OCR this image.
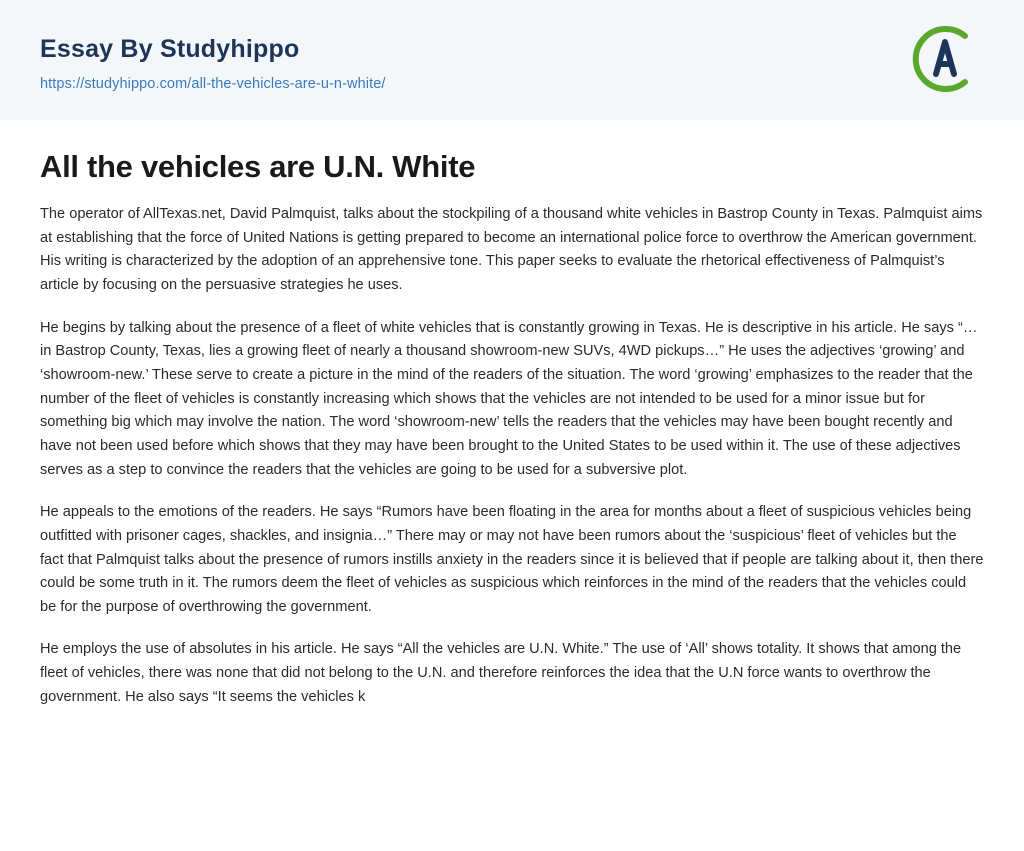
Essay By Studyhippo
https://studyhippo.com/all-the-vehicles-are-u-n-white/
All the vehicles are U.N. White

The operator of AllTexas.net, David Palmquist, talks about the stockpiling of a thousand white vehicles in Bastrop County in Texas. Palmquist aims at establishing that the force of United Nations is getting prepared to become an international police force to overthrow the American government. His writing is characterized by the adoption of an apprehensive tone. This paper seeks to evaluate the rhetorical effectiveness of Palmquist’s article by focusing on the persuasive strategies he uses.

He begins by talking about the presence of a fleet of white vehicles that is constantly growing in Texas. He is descriptive in his article. He says “…in Bastrop County, Texas, lies a growing fleet of nearly a thousand showroom-new SUVs, 4WD pickups…” He uses the adjectives ‘growing’ and ‘showroom-new.’ These serve to create a picture in the mind of the readers of the situation. The word ‘growing’ emphasizes to the reader that the number of the fleet of vehicles is constantly increasing which shows that the vehicles are not intended to be used for a minor issue but for something big which may involve the nation. The word ‘showroom-new’ tells the readers that the vehicles may have been bought recently and have not been used before which shows that they may have been brought to the United States to be used within it. The use of these adjectives serves as a step to convince the readers that the vehicles are going to be used for a subversive plot.

He appeals to the emotions of the readers. He says “Rumors have been floating in the area for months about a fleet of suspicious vehicles being outfitted with prisoner cages, shackles, and insignia…” There may or may not have been rumors about the ‘suspicious’ fleet of vehicles but the fact that Palmquist talks about the presence of rumors instills anxiety in the readers since it is believed that if people are talking about it, then there could be some truth in it. The rumors deem the fleet of vehicles as suspicious which reinforces in the mind of the readers that the vehicles could be for the purpose of overthrowing the government.

He employs the use of absolutes in his article. He says “All the vehicles are U.N. White.” The use of ‘All’ shows totality. It shows that among the fleet of vehicles, there was none that did not belong to the U.N. and therefore reinforces the idea that the U.N force wants to overthrow the government. He also says “It seems the vehicles k
